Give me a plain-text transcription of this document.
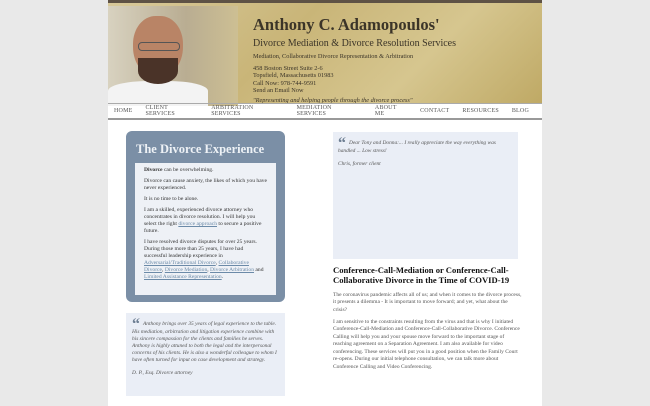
Anthony C. Adamopoulos'
Divorce Mediation & Divorce Resolution Services
Mediation, Collaborative Divorce Representation & Arbitration
458 Boston Street Suite 2-6
Topsfield, Massachusetts 01983
Call Now: 978-744-9591
Send an Email Now
"Representing and helping people through the divorce process"
HOME CLIENT SERVICES
ARBITRATION SERVICES
MEDIATION SERVICES
ABOUT ME	CONTACT RESOURCES BLOG
The Divorce Experience

Divorce can be overwhelming.

Divorce can cause anxiety, the likes of which you have never experienced.

It is no time to be alone.

I am a skilled, experienced divorce attorney who concentrates in divorce resolution. I will help you select the right divorce approach to secure a positive future.

I have resolved divorce disputes for over 25 years. During those more than 25 years, I have had successful leadership experience in Adversarial/Traditional Divorce, Collaborative Divorce, Divorce Mediation, Divorce Arbitration and Limited Assistance Representation.

“ Anthony brings over 35 years of legal experience to the table. His mediation, arbitration and litigation experience combine with his sincere compassion for the clients and families he serves. Anthony is highly attuned to both the legal and the interpersonal concerns of his clients. He is also a wonderful colleague to whom I have often turned for input on case development and strategy.

D. P., Esq. Divorce attorney

“ Dear Tony and Donna:... I really appreciate the way everything was handled ... Low stress!

Chris, former client

Conference-Call-Mediation or Conference-Call-Collaborative Divorce in the Time of COVID-19

The coronavirus pandemic affects all of us; and when it comes to the divorce process, it presents a dilemma - It is important to move forward; and yet, what about the crisis?

I am sensitive to the constraints resulting from the virus and that is why I initiated Conference-Call-Mediation and Conference-Call-Collaborative Divorce. Conference Calling will help you and your spouse move forward to the important stage of reaching agreement on a Separation Agreement. I am also available for video conferencing. These services will put you in a good position when the Family Court re-opens. During our initial telephone consultation, we can talk more about Conference Calling and Video Conferencing.
